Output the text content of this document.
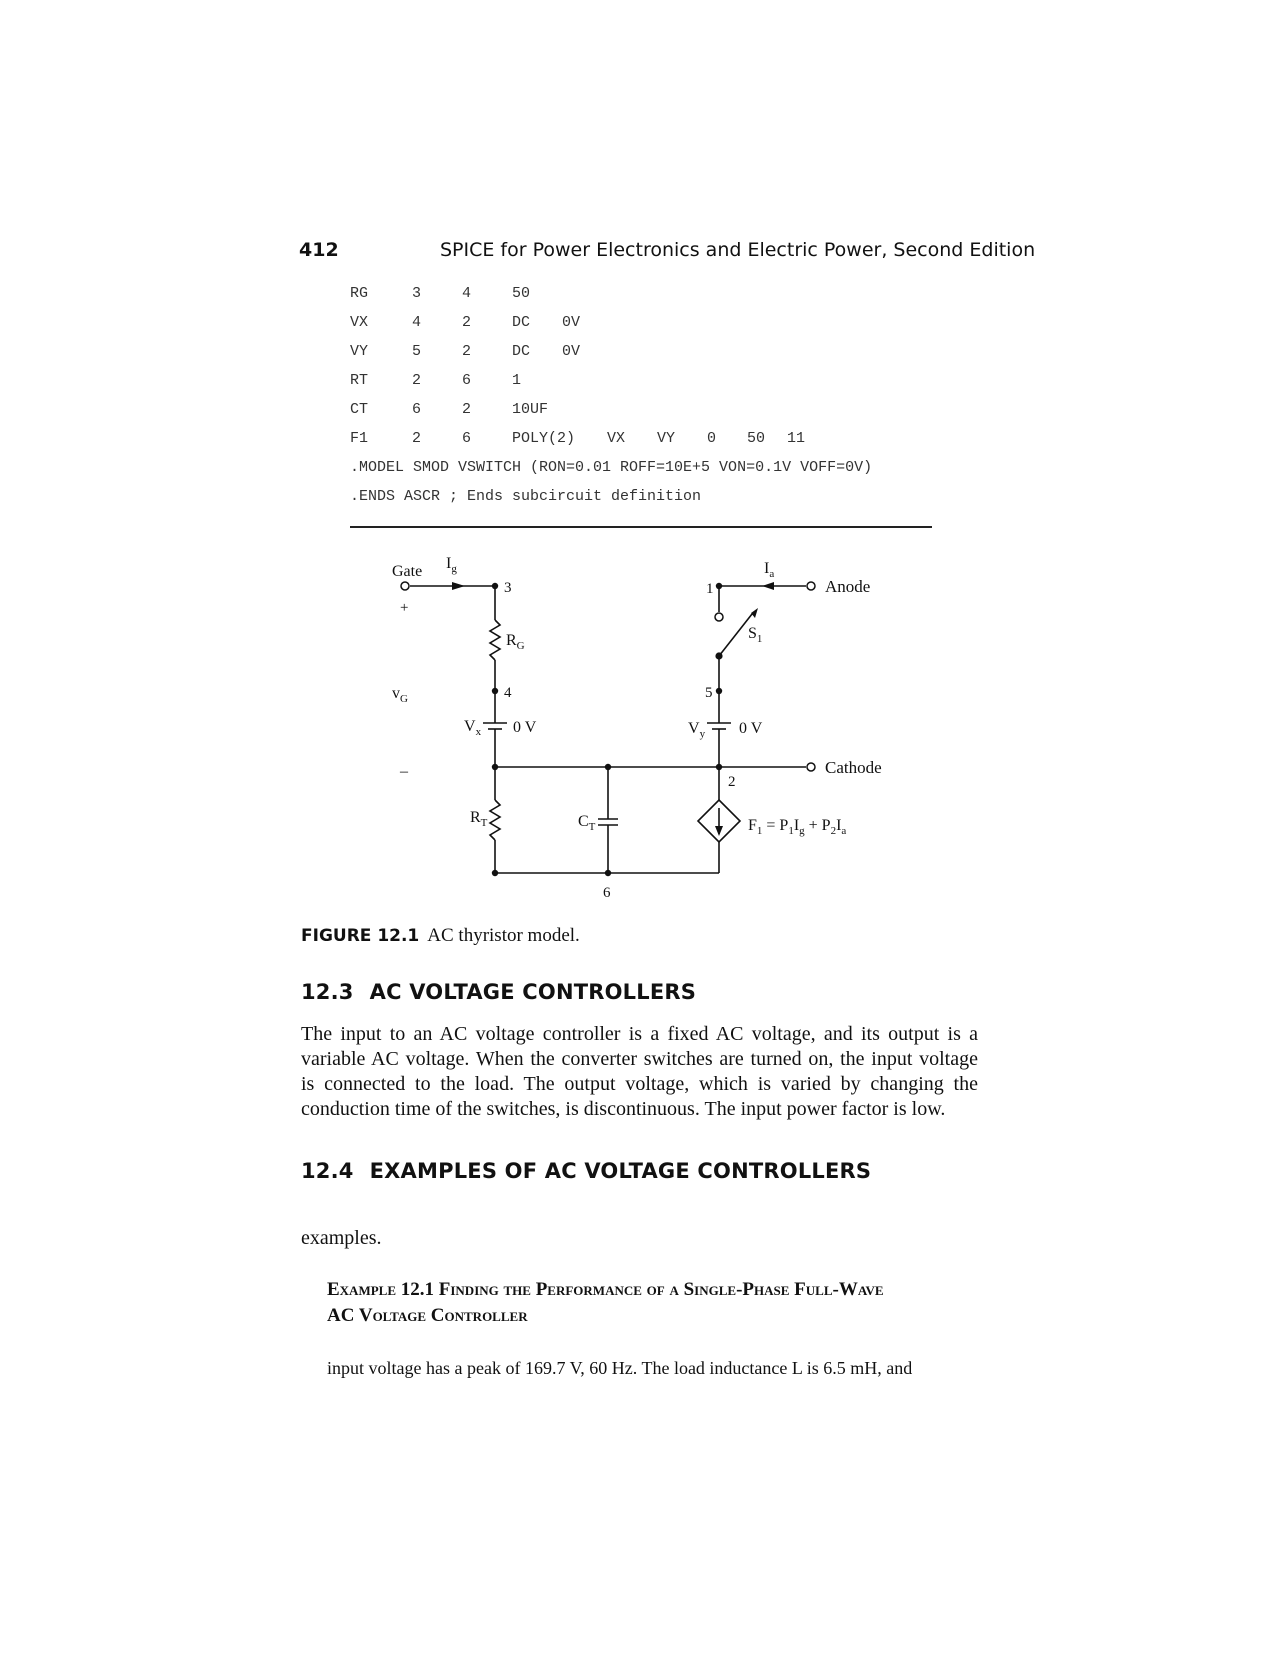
412	SPICE for Power Electronics and Electric Power, Second Edition
RG	3	4	50
VX	4	2	DC 0V
VY	5	2	DC 0V
RT	2	6	1
CT	6	2	10UF
F1	2	6	POLY(2) VX VY 0 50 11
.MODEL SMOD VSWITCH (RON=0.01 ROFF=10E+5 VON=0.1V VOFF=0V)
.ENDS ASCR ; Ends subcircuit definition
Gate $I_g$
+
$v_G$
–
3
$R_G$
4
$V_x$ 0 V
$R_T$	$C_T$
6
1
$I_a$
Anode
$S_1$
5
$V_y$ 0 V
Cathode
2
$F_1 = P_1I_g + P_2I_a$
FIGURE 12.1 AC thyristor model.
12.3 AC VOLTAGE CONTROLLERS
The input to an AC voltage controller is a fixed AC voltage, and its output is a
variable AC voltage. When the converter switches are turned on, the input voltage
is connected to the load. The output voltage, which is varied by changing the
conduction time of the switches, is discontinuous. The input power factor is low.
12.4 EXAMPLES OF AC VOLTAGE CONTROLLERS
examples.
Example 12.1 Finding the Performance of a Single-Phase Full-Wave
AC Voltage Controller
input voltage has a peak of 169.7 V, 60 Hz. The load inductance L is 6.5 mH, and
